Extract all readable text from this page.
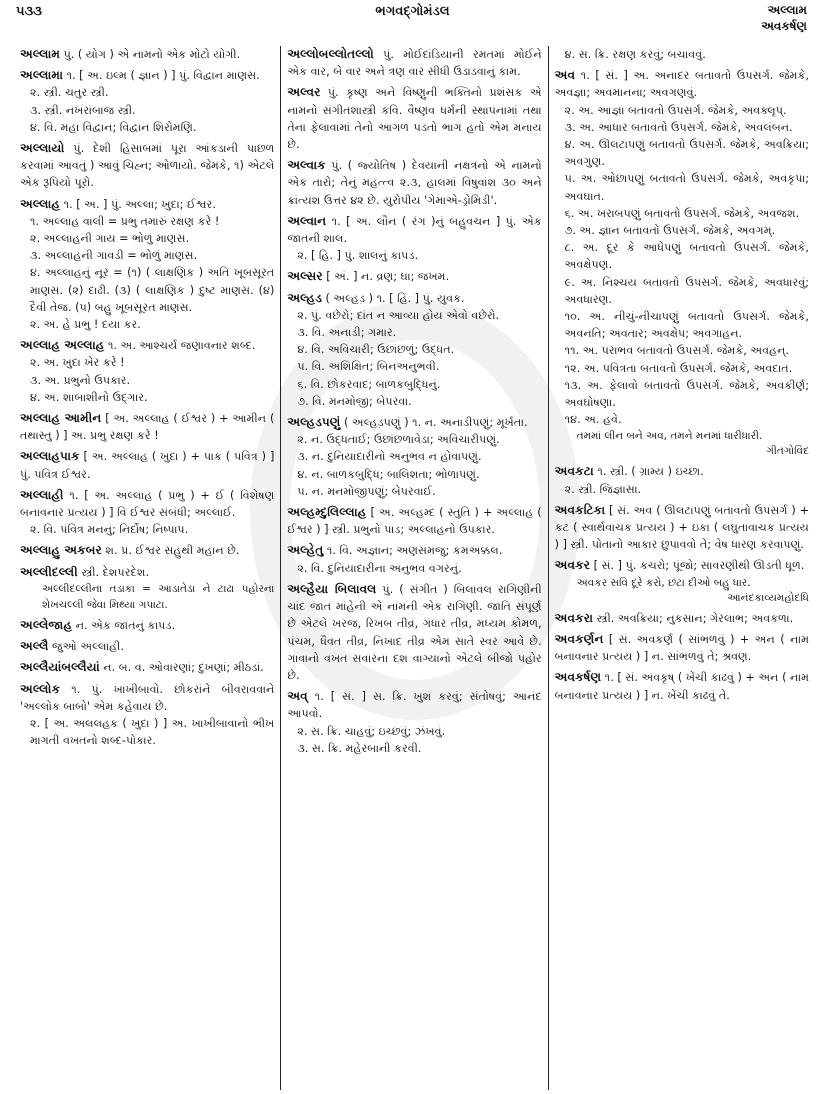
૫૩૩	ભગવદ્ગોમંડલ	અલ્લામ
અવકર્ષણ
અલ્લામ પું. ( યોગ ) એ નામનો એક મોટો યોગી.
અલ્લામા ૧. [ અ. ઇલ્મ ( જ્ઞાન ) ] પું. વિદ્વાન માણસ.
૨. સ્ત્રી. ચતુર સ્ત્રી.
૩. સ્ત્રી. નખરાંબાજ સ્ત્રી.
૪. વિ. મહા વિદ્વાન; વિદ્વાન શિરોમણિ.
અલ્લાયો પું. દેશી હિસાબમાં પૂરા આંકડાની પાછળ કરવામાં આવતું ) આવું ચિહ્ન; ઓળાયો. જેમકે, ૧) એટલે એક રૂપિયો પૂરો.
અલ્લાહ ૧. [ અ. ] પું. અલ્લા; ખુદા; ઈશ્વર.
૧. અલ્લાહ વાલી = પ્રભુ તમારું રક્ષણ કરે !
૨. અલ્લાહની ગાય = ભોળું માણસ.
૩. અલ્લાહની ગાવડી = ભોળું માણસ.
૪. અલ્લાહનું નૂર = (૧) ( લાક્ષણિક ) અતિ ખૂબસૂરત માણસ. (૨) દાઢી. (૩) ( લાક્ષણિક ) દુષ્ટ માણસ. (૪) દૈવી તેજ. (૫) બહુ ખૂબસૂરત માણસ.
૨. અ. હે પ્રભુ ! દયા કર.
અલ્લાહ અલ્લાહ ૧. અ. આશ્ચર્ય જણાવનાર શબ્દ.
૨. અ. ખુદા ખેર કરે !
૩. અ. પ્રભુનો ઉપકાર.
૪. અ. શાબાશીનો ઉદ્ગાર.
અલ્લાહ આમીન [ અ. અલ્લાહ ( ઈશ્વર ) + આમીન ( તથાસ્તુ ) ] અ. પ્રભુ રક્ષણ કરે !
અલ્લાહપાક [ અ. અલ્લાહ ( ખુદા ) + પાક ( પવિત્ર ) ] પું. પવિત્ર ઈશ્વર.
અલ્લાહી ૧. [ અ. અલ્લાહ ( પ્રભુ ) + ઈ ( વિશેષણ બનાવનાર પ્રત્યય ) ] વિ ઈશ્વર સંબંધી; અલ્લાઈ.
૨. વિ. પવિત્ર મનનું; નિર્દોષ; નિષ્પાપ.
અલ્લાહુ અકબર શ. પ્ર. ઈશ્વર સહુથી મહાન છે.
અલ્લીદલ્લી સ્ત્રી. દેશપરદેશ.
અલ્લીદલ્લીના તડાકા = આડાતેડા ને ટાઢા પહોરના શેખચલ્લી જેવા મિથ્યા ગપાટા.
અલ્લેજાહ ન. એક જાતનું કાપડ.
અલ્લૈ જુઓ અલ્લાહી.
અલ્લૈયાંબલ્લૈયાં ન. બ. વ. ઓવારણાં; દુખણાં; મીઠડાં.
અલ્લોક ૧. પું. ખાખીબાવો. છોકરાંને બીવરાવવાને 'અલ્લોક બાબો' એમ કહેવાય છે.
૨. [ અ. અલલહક ( ખુદા ) ] અ. ખાખીબાવાનો ભીખ માગતી વખતનો શબ્દ-પોકાર.
અલ્લોબલ્લોતલ્લો પું. મોઈદાંડિયાની રમતમાં મોઈને એક વાર, બે વાર અને ત્રણ વાર સીધી ઉડાડવાનું કામ.
અલ્વર પું. કૃષ્ણ અને વિષ્ણુની ભક્તિનો પ્રશંસક એ નામનો સંગીતશાસ્ત્રી કવિ. વૈષ્ણવ ધર્મની સ્થાપનામાં તથા તેના ફેલાવામાં તેનો આગળ પડતો ભાગ હતો એમ મનાય છે.
અલ્વાક પું. ( જ્યોતિષ ) દેવયાની નક્ષત્રનો એ નામનો એક તારો; તેનું મહત્ત્વ ૨.૩, હાલમાં વિષુવાંશ ૩૦ અને ક્રાંત્યંશ ઉત્તર ૪૨ છે. યુરોપીય 'ગેમાએ-ડ્રોમિડી'.
અલ્વાન ૧. [ અ. લૌન ( રંગ )નું બહુવચન ] પું. એક જાતની શાલ.
૨. [ હિ. ] પું. શાલનું કાપડ.
અલ્સર [ અં. ] ન. વ્રણ; ઘા; જખમ.
અલ્હડ ( અલ્હડ઼ ) ૧. [ હિં. ] પું. યુવક.
૨. પું. વછેરો; દાંત ન આવ્યા હોય એવો વછેરો.
૩. વિ. અનાડી; ગમાર.
૪. વિ. અવિચારી; ઉછાંછળું; ઉદ્ધત.
૫. વિ. અશિક્ષિત; બિનઅનુભવી.
૬. વિ. છોકરવાદ; બાળકબુદ્ધિનું.
૭. વિ. મનમોજી; બેપરવા.
અલ્હડપણું ( અલ્હડ઼પણું ) ૧. ન. અનાડીપણું; મૂર્ખતા.
૨. ન. ઉદ્ધતાઈ; ઉછાંછળાવેડા; અવિચારીપણું.
૩. ન. દુનિયાદારીનો અનુભવ ન હોવાપણું.
૪. ન. બાળકબુદ્ધિ; બાલિશતા; ભોળાપણું.
૫. ન. મનમોજીપણું; બેપરવાઈ.
અલ્હમ્દુલિલ્લાહ [ અ. અલ્હમ્દ ( સ્તુતિ ) + અલ્લાહ ( ઈશ્વર ) ] સ્ત્રી. પ્રભુનો પાડ; અલ્લાહનો ઉપકાર.
અલ્હેતુ ૧. વિ. અજ્ઞાન; અણસમજુ; કમઅક્કલ.
૨. વિ. દુનિયાદારીના અનુભવ વગરનું.
અલ્હૈયા બિલાવલ પું. ( સંગીત ) બિલાવલ રાગિણીની ચાંદ જાત માંહેની એ નામની એક રાગિણી. જાતિ સંપૂર્ણ છે એટલે ખરજ, રિખબ તીવ્ર, ગંધાર તીવ્ર, મધ્યમ કોમળ, પંચમ, ધૈવત તીવ્ર, નિખાદ તીવ્ર એમ સાતે સ્વર આવે છે. ગાવાનો વખત સવારના દશ વાગ્યાનો એટલે બીજો પહોર છે.
અવ્ ૧. [ સં. ] સ. ક્રિ. ખુશ કરવું; સંતોષવું; આનંદ આપવો.
૨. સ. ક્રિ. ચાહવું; ઇચ્છવું; ઝંખવું.
૩. સ. ક્રિ. મહેરબાની કરવી.
૪. સ. ક્રિ. રક્ષણ કરવું; બચાવવું.
અવ ૧. [ સં. ] અ. અનાદર બતાવતો ઉપસર્ગ. જેમકે, અવજ્ઞા; અવમાનના; અવગણવું.
૨. અ. આજ્ઞા બતાવતો ઉપસર્ગ. જેમકે, અવક્લૃપ્.
૩. અ. આધાર બતાવતો ઉપસર્ગ. જેમકે, અવલંબન.
૪. અ. ઊલટાપણું બતાવતો ઉપસર્ગ. જેમકે, અવક્રિયા; અવગુણ.
૫. અ. ઓછાપણું બતાવતો ઉપસર્ગ. જેમકે, અવકૃપા; અવઘાત.
૬. અ. ખરાબપણું બતાવતો ઉપસર્ગ. જેમકે, અવજશ.
૭. અ. જ્ઞાન બતાવતો ઉપસર્ગ. જેમકે, અવગમ્.
૮. અ. દૂર કે આધેપણું બતાવતો ઉપસર્ગ. જેમકે, અવક્ષેપણ.
૯. અ. નિશ્ચય બતાવતો ઉપસર્ગ. જેમકે, અવધારવું; અવધારણ.
૧૦. અ. નીચું-નીચાપણું બતાવતો ઉપસર્ગ. જેમકે, અવનતિ; અવતાર; અવક્ષેપ; અવગાહન.
૧૧. અ. પરાભવ બતાવતો ઉપસર્ગ. જેમકે, અવહન્.
૧૨. અ. પવિત્રતા બતાવતો ઉપસર્ગ. જેમકે, અવદાત.
૧૩. અ. ફેલાવો બતાવતો ઉપસર્ગ. જેમકે, અવકીર્ણ; અવઘોષણા.
૧૪. અ. હવે.
તમમાં લીન બને અવ, તમને મનમાં ધારીધારી.
ગીતગોવિંદ
અવકટા ૧. સ્ત્રી. ( ગ્રામ્ય ) ઇચ્છા.
૨. સ્ત્રી. જિજ્ઞાસા.
અવકટિકા [ સં. અવ ( ઊલટાપણું બતાવતો ઉપસર્ગ ) + કટ ( સ્વાર્થવાચક પ્રત્યય ) + ઇકા ( લઘુતાવાચક પ્રત્યય ) ] સ્ત્રી. પોતાનો આકાર છુપાવવો તે; વેષ ધારણ કરવાપણું.
અવકર [ સં. ] પું. કચરો; પૂંજો; સાવરણીથી ઊડતી ધૂળ.
અવકર સવિ દૂરે કરો, છંટા દીઓ બહુ ધાર.
આનંદકાવ્યમહોદધિ
અવકરા સ્ત્રી. અવક્રિયા; નુકસાન; ગેરલાભ; અવકળા.
અવકર્ણન [ સં. અવકર્ણ ( સાંભળવું ) + અન ( નામ બનાવનાર પ્રત્યય ) ] ન. સાંભળવું તે; શ્રવણ.
અવકર્ષણ ૧. [ સં. અવકૃષ્ ( ખેંચી કાઢવું ) + અન ( નામ બનાવનાર પ્રત્યય ) ] ન. ખેંચી કાઢવું તે.
